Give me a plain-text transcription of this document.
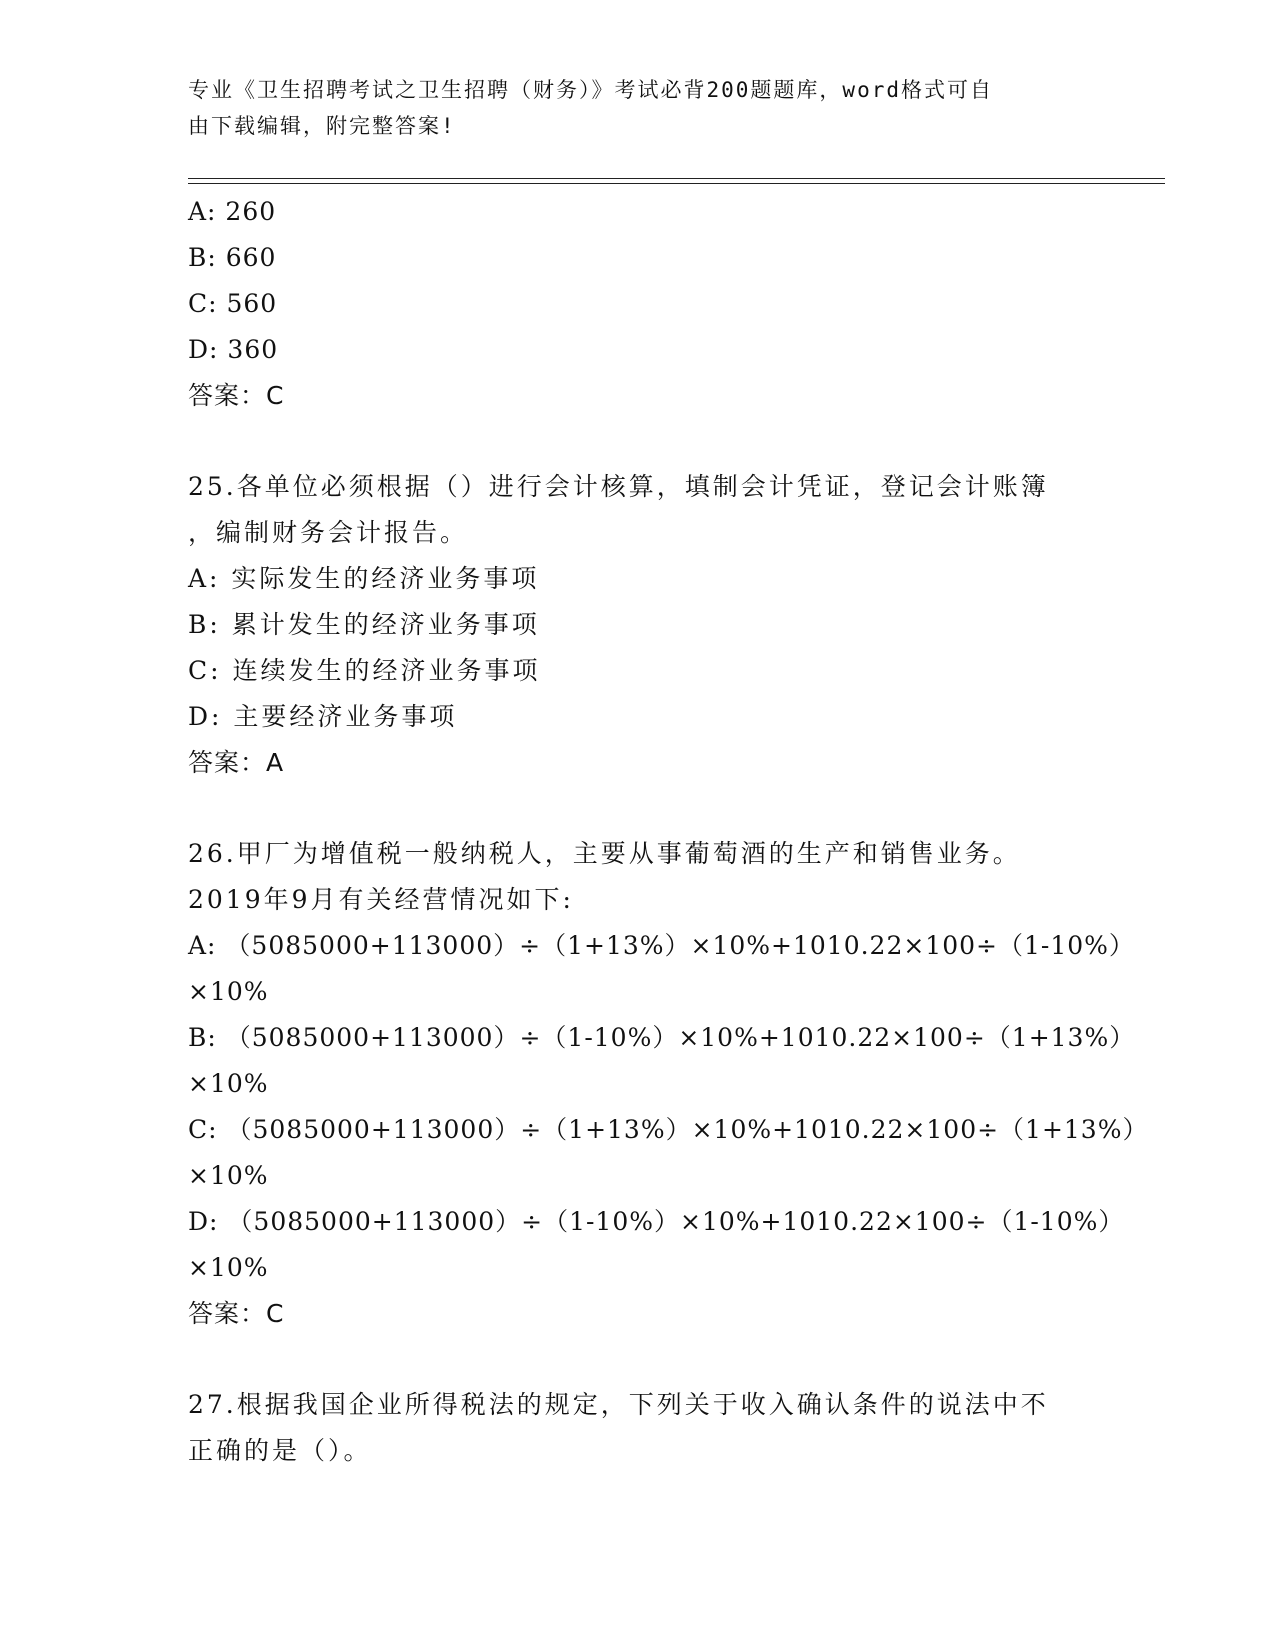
专业《卫生招聘考试之卫生招聘（财务）》考试必背200题题库，word格式可自
由下载编辑，附完整答案!
A: 260
B: 660
C: 560
D: 360
答案：C
25.各单位必须根据（）进行会计核算，填制会计凭证，登记会计账簿
，编制财务会计报告。
A: 实际发生的经济业务事项
B: 累计发生的经济业务事项
C: 连续发生的经济业务事项
D: 主要经济业务事项
答案：A
26.甲厂为增值税一般纳税人，主要从事葡萄酒的生产和销售业务。
2019年9月有关经营情况如下:
A: （5085000+113000）÷（1+13%）×10%+1010.22×100÷（1-10%）
×10%
B: （5085000+113000）÷（1-10%）×10%+1010.22×100÷（1+13%）
×10%
C: （5085000+113000）÷（1+13%）×10%+1010.22×100÷（1+13%）
×10%
D: （5085000+113000）÷（1-10%）×10%+1010.22×100÷（1-10%）
×10%
答案：C
27.根据我国企业所得税法的规定，下列关于收入确认条件的说法中不
正确的是（）。
